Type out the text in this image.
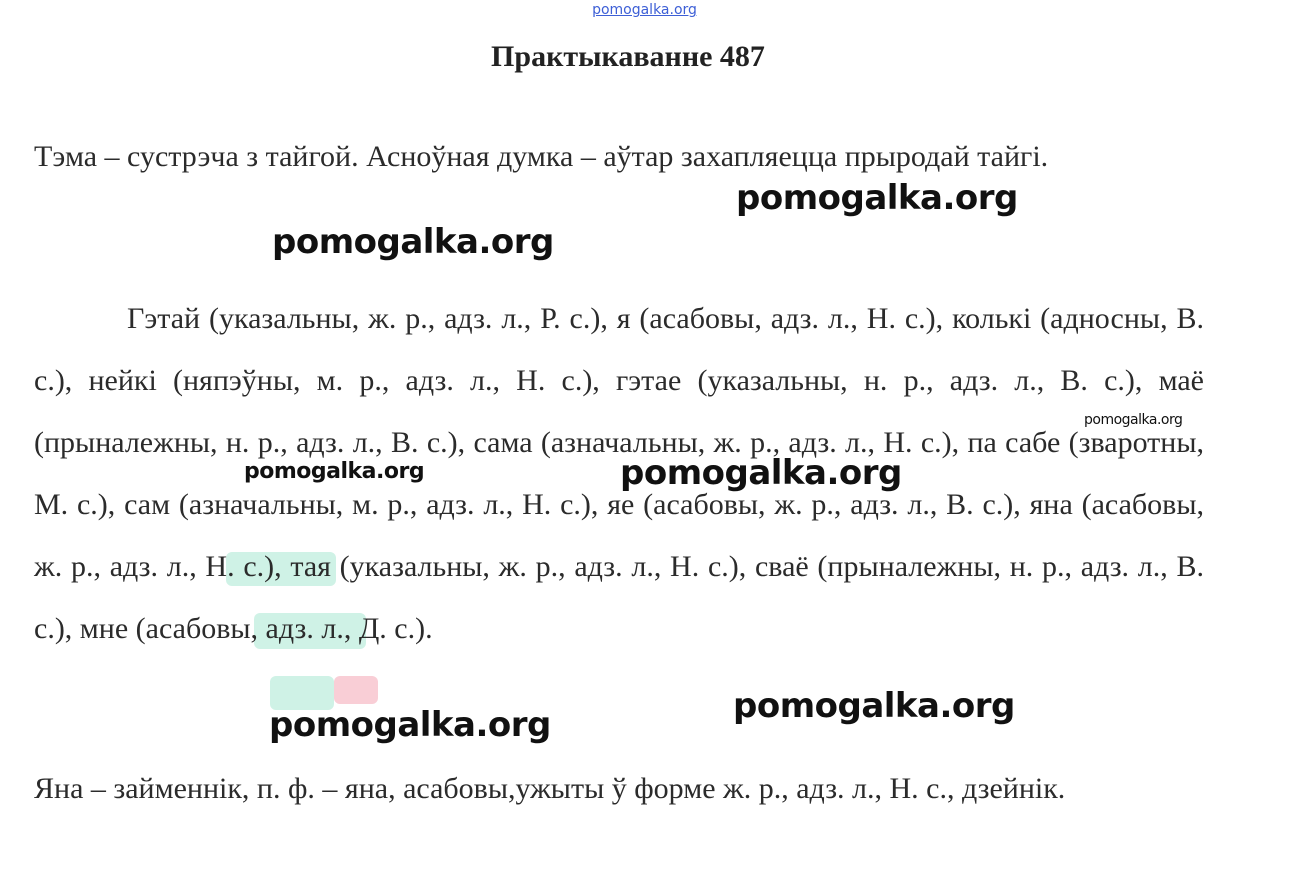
pomogalka.org
Практыкаванне 487

Тэма – сустрэча з тайгой. Асноўная думка – аўтар захапляецца прыродай тайгі.

Гэтай (указальны, ж. р., адз. л., Р. с.), я (асабовы, адз. л., Н. с.), колькі (адносны, В. с.), нейкі (няпэўны, м. р., адз. л., Н. с.), гэтае (указальны, н. р., адз. л., В. с.), маё (прыналежны, н. р., адз. л., В. с.), сама (азначальны, ж. р., адз. л., Н. с.), па сабе (зваротны, М. с.), сам (азначальны, м. р., адз. л., Н. с.), яе (асабовы, ж. р., адз. л., В. с.), яна (асабовы, ж. р., адз. л., Н. с.), тая (указальны, ж. р., адз. л., Н. с.), сваё (прыналежны, н. р., адз. л., В. с.), мне (асабовы, адз. л., Д. с.).

Яна – займеннік, п. ф. – яна, асабовы,ужыты ў форме ж. р., адз. л., Н. с., дзейнік.

pomogalka.org
pomogalka.org
pomogalka.org
pomogalka.org	pomogalka.org
pomogalka.org
pomogalka.org
